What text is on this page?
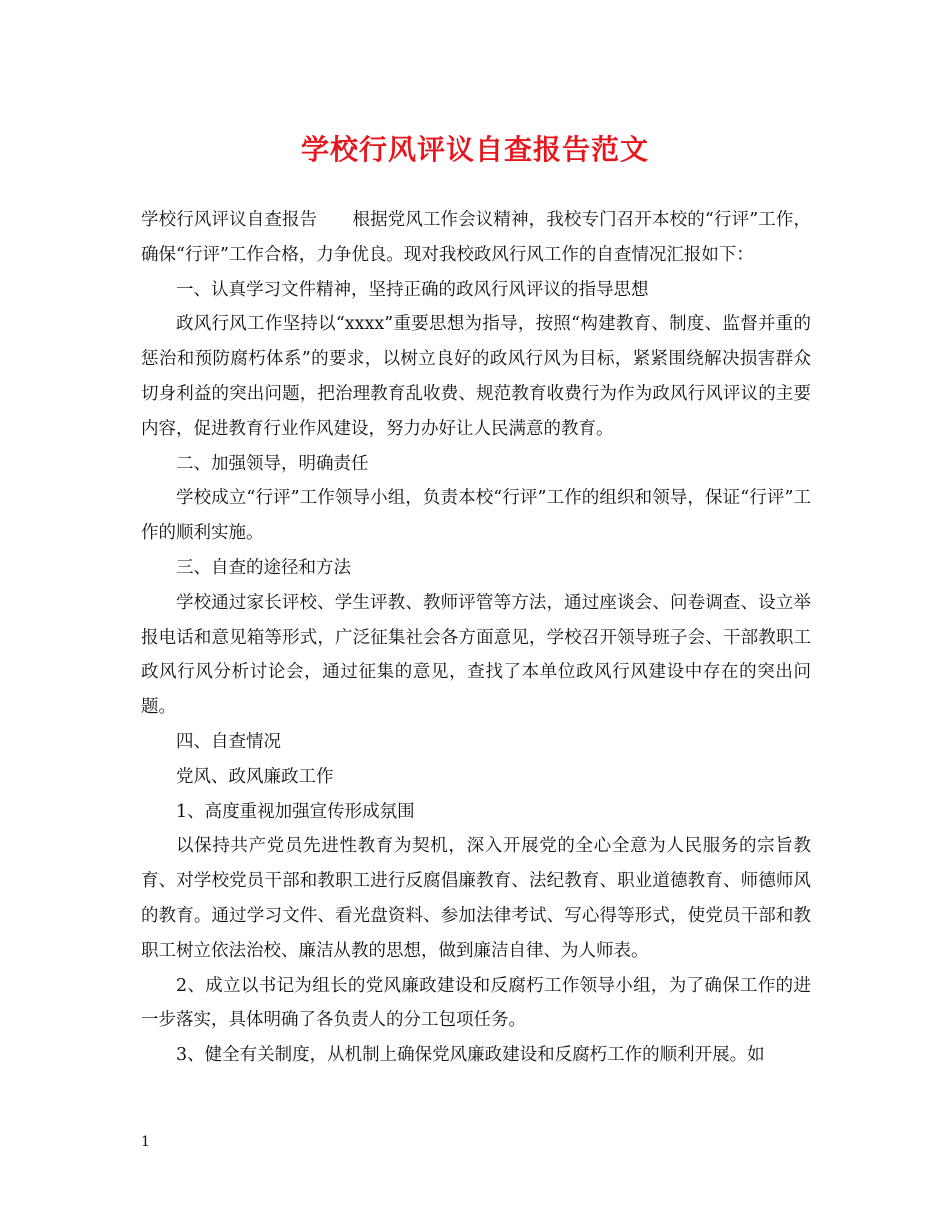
学校行风评议自查报告范文

学校行风评议自查报告　　根据党风工作会议精神，我校专门召开本校的“行评”工作，确保“行评”工作合格，力争优良。现对我校政风行风工作的自查情况汇报如下：

一、认真学习文件精神，坚持正确的政风行风评议的指导思想

政风行风工作坚持以“xxxx”重要思想为指导，按照“构建教育、制度、监督并重的惩治和预防腐朽体系”的要求，以树立良好的政风行风为目标，紧紧围绕解决损害群众切身利益的突出问题，把治理教育乱收费、规范教育收费行为作为政风行风评议的主要内容，促进教育行业作风建设，努力办好让人民满意的教育。

二、加强领导，明确责任

学校成立“行评”工作领导小组，负责本校“行评”工作的组织和领导，保证“行评”工作的顺利实施。

三、自查的途径和方法

学校通过家长评校、学生评教、教师评管等方法，通过座谈会、问卷调查、设立举报电话和意见箱等形式，广泛征集社会各方面意见，学校召开领导班子会、干部教职工政风行风分析讨论会，通过征集的意见，查找了本单位政风行风建设中存在的突出问题。

四、自查情况

党风、政风廉政工作

1、高度重视加强宣传形成氛围

以保持共产党员先进性教育为契机，深入开展党的全心全意为人民服务的宗旨教育、对学校党员干部和教职工进行反腐倡廉教育、法纪教育、职业道德教育、师德师风的教育。通过学习文件、看光盘资料、参加法律考试、写心得等形式，使党员干部和教职工树立依法治校、廉洁从教的思想，做到廉洁自律、为人师表。

2、成立以书记为组长的党风廉政建设和反腐朽工作领导小组，为了确保工作的进一步落实，具体明确了各负责人的分工包项任务。

3、健全有关制度，从机制上确保党风廉政建设和反腐朽工作的顺利开展。如

1
